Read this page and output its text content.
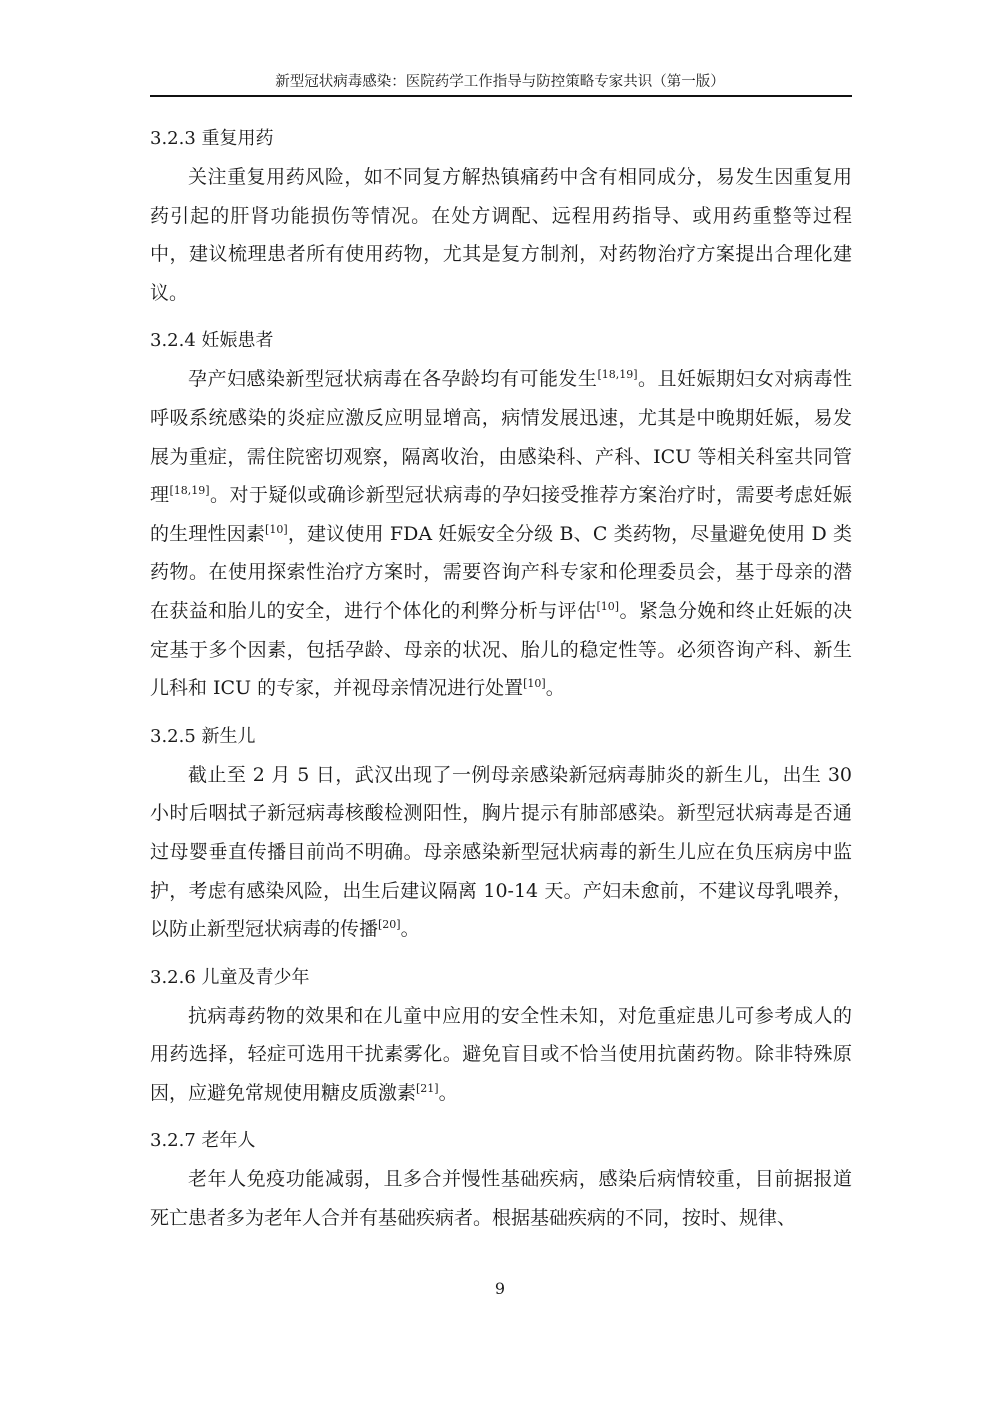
新型冠状病毒感染：医院药学工作指导与防控策略专家共识（第一版）
3.2.3 重复用药

关注重复用药风险，如不同复方解热镇痛药中含有相同成分，易发生因重复用药引起的肝肾功能损伤等情况。在处方调配、远程用药指导、或用药重整等过程中，建议梳理患者所有使用药物，尤其是复方制剂，对药物治疗方案提出合理化建议。

3.2.4 妊娠患者

孕产妇感染新型冠状病毒在各孕龄均有可能发生[18,19]。且妊娠期妇女对病毒性呼吸系统感染的炎症应激反应明显增高，病情发展迅速，尤其是中晚期妊娠，易发展为重症，需住院密切观察，隔离收治，由感染科、产科、ICU 等相关科室共同管理[18,19]。对于疑似或确诊新型冠状病毒的孕妇接受推荐方案治疗时，需要考虑妊娠的生理性因素[10]，建议使用 FDA 妊娠安全分级 B、C 类药物，尽量避免使用 D 类药物。在使用探索性治疗方案时，需要咨询产科专家和伦理委员会，基于母亲的潜在获益和胎儿的安全，进行个体化的利弊分析与评估[10]。紧急分娩和终止妊娠的决定基于多个因素，包括孕龄、母亲的状况、胎儿的稳定性等。必须咨询产科、新生儿科和 ICU 的专家，并视母亲情况进行处置[10]。

3.2.5 新生儿

截止至 2 月 5 日，武汉出现了一例母亲感染新冠病毒肺炎的新生儿，出生 30 小时后咽拭子新冠病毒核酸检测阳性，胸片提示有肺部感染。新型冠状病毒是否通过母婴垂直传播目前尚不明确。母亲感染新型冠状病毒的新生儿应在负压病房中监护，考虑有感染风险，出生后建议隔离 10-14 天。产妇未愈前，不建议母乳喂养，以防止新型冠状病毒的传播[20]。

3.2.6 儿童及青少年

抗病毒药物的效果和在儿童中应用的安全性未知，对危重症患儿可参考成人的用药选择，轻症可选用干扰素雾化。避免盲目或不恰当使用抗菌药物。除非特殊原因，应避免常规使用糖皮质激素[21]。

3.2.7 老年人

老年人免疫功能减弱，且多合并慢性基础疾病，感染后病情较重，目前据报道死亡患者多为老年人合并有基础疾病者。根据基础疾病的不同，按时、规律、

9
